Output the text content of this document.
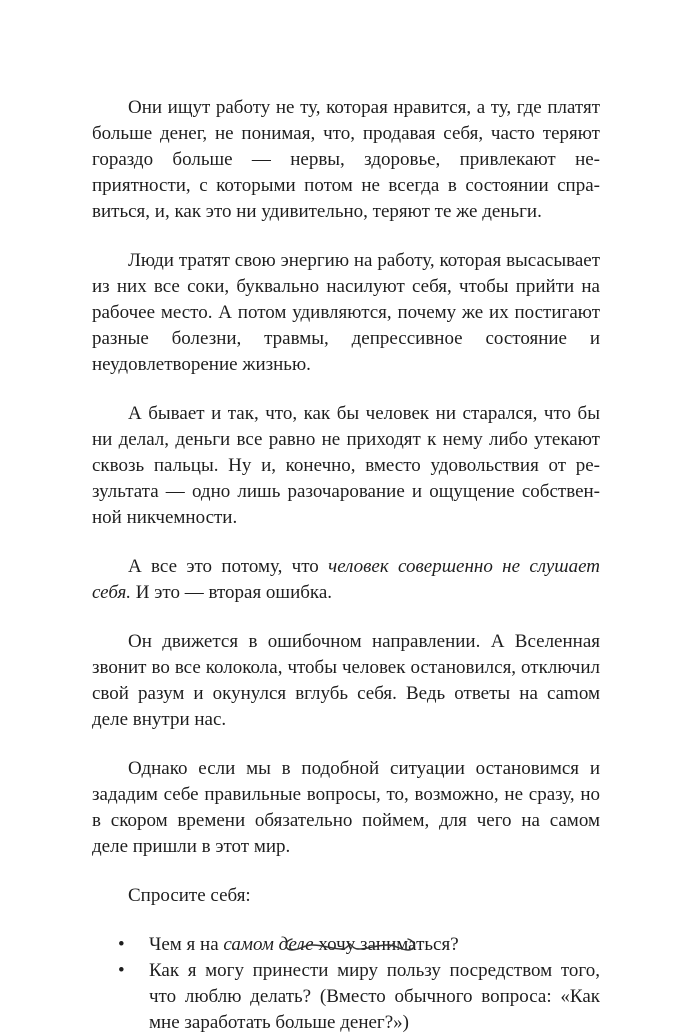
Они ищут работу не ту, которая нравится, а ту, где платят больше денег, не понимая, что, продавая себя, часто теряют гораздо больше — нервы, здоровье, привлекают неприятности, с которыми потом не всегда в состоянии справиться, и, как это ни удивительно, теряют те же деньги.

Люди тратят свою энергию на работу, которая высасывает из них все соки, буквально насилуют себя, чтобы прийти на рабочее место. А потом удивляются, почему же их постигают разные болезни, травмы, депрессивное состояние и неудовлетворение жизнью.

А бывает и так, что, как бы человек ни старался, что бы ни делал, деньги все равно не приходят к нему либо утекают сквозь пальцы. Ну и, конечно, вместо удовольствия от результата — одно лишь разочарование и ощущение собственной никчемности.

А все это потому, что человек совершенно не слушает себя. И это — вторая ошибка.

Он движется в ошибочном направлении. А Вселенная звонит во все колокола, чтобы человек остановился, отключил свой разум и окунулся вглубь себя. Ведь ответы на саmом деле внутри нас.

Однако если мы в подобной ситуации остановимся и зададим себе правильные вопросы, то, возможно, не сразу, но в скором времени обязательно поймем, для чего на самом деле пришли в этот мир.

Спросите себя:

• Чем я на самом деле хочу заниматься?
• Как я могу принести миру пользу посредством того, что люблю делать? (Вместо обычного вопроса: «Как мне заработать больше денег?»)
